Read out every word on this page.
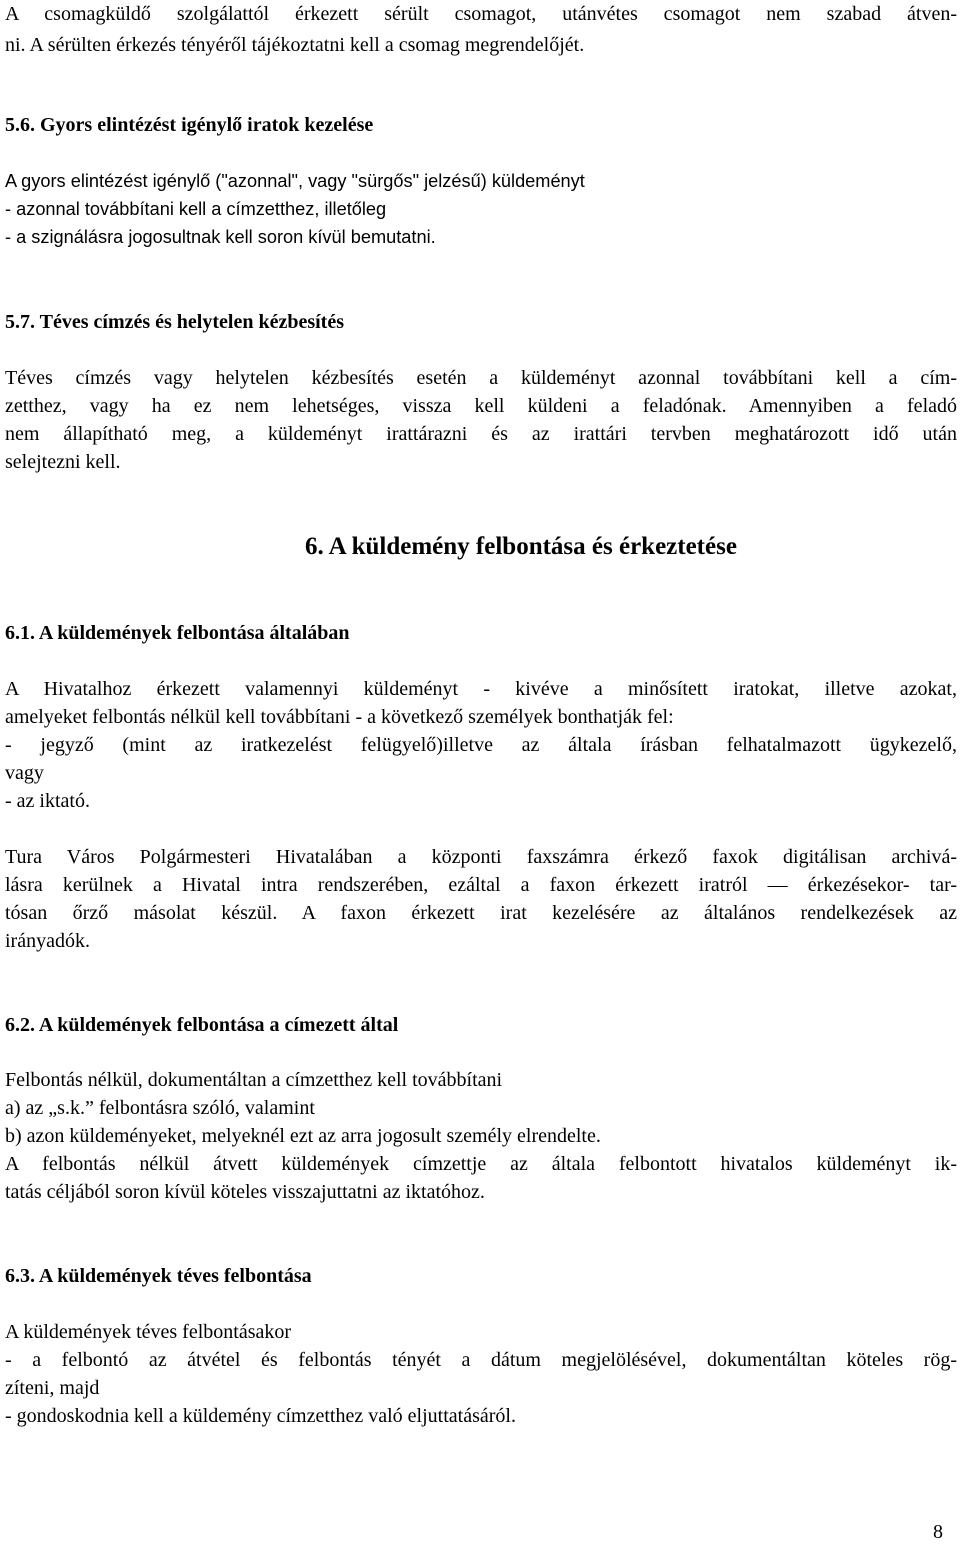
A csomagküldő szolgálattól érkezett sérült csomagot, utánvétes csomagot nem szabad átven-
ni. A sérülten érkezés tényéről tájékoztatni kell a csomag megrendelőjét.
5.6. Gyors elintézést igénylő iratok kezelése
A gyors elintézést igénylő ("azonnal", vagy "sürgős" jelzésű) küldeményt
- azonnal továbbítani kell a címzetthez, illetőleg
- a szignálásra jogosultnak kell soron kívül bemutatni.
5.7. Téves címzés és helytelen kézbesítés
Téves címzés vagy helytelen kézbesítés esetén a küldeményt azonnal továbbítani kell a cím-
zetthez, vagy ha ez nem lehetséges, vissza kell küldeni a feladónak. Amennyiben a feladó
nem állapítható meg, a küldeményt irattárazni és az irattári tervben meghatározott idő után
selejtezni kell.
6. A küldemény felbontása és érkeztetése
6.1. A küldemények felbontása általában
A Hivatalhoz érkezett valamennyi küldeményt - kivéve a minősített iratokat, illetve azokat,
amelyeket felbontás nélkül kell továbbítani - a következő személyek bonthatják fel:
- jegyző (mint az iratkezelést felügyelő)illetve az általa írásban felhatalmazott ügykezelő,
vagy
- az iktató.
Tura Város Polgármesteri Hivatalában a központi faxszámra érkező faxok digitálisan archivá-
lásra kerülnek a Hivatal intra rendszerében, ezáltal a faxon érkezett iratról — érkezésekor- tar-
tósan őrző másolat készül. A faxon érkezett irat kezelésére az általános rendelkezések az
irányadók.
6.2. A küldemények felbontása a címezett által
Felbontás nélkül, dokumentáltan a címzetthez kell továbbítani
a) az „s.k.” felbontásra szóló, valamint
b) azon küldeményeket, melyeknél ezt az arra jogosult személy elrendelte.
A felbontás nélkül átvett küldemények címzettje az általa felbontott hivatalos küldeményt ik-
tatás céljából soron kívül köteles visszajuttatni az iktatóhoz.
6.3. A küldemények téves felbontása
A küldemények téves felbontásakor
- a felbontó az átvétel és felbontás tényét a dátum megjelölésével, dokumentáltan köteles rög-
zíteni, majd
- gondoskodnia kell a küldemény címzetthez való eljuttatásáról.
8
